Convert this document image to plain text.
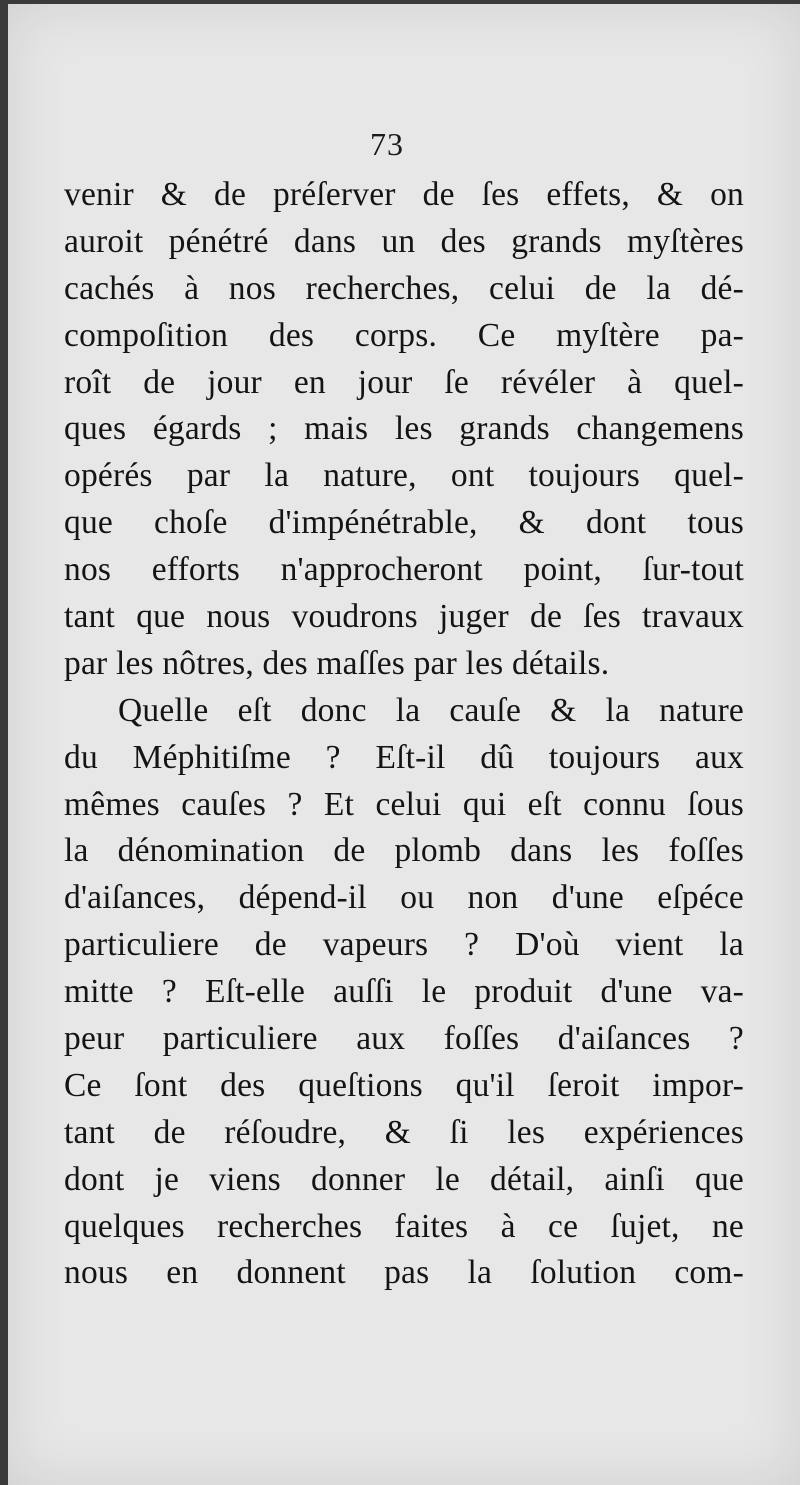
73
venir & de préſerver de ſes effets, & on
auroit pénétré dans un des grands myſtères
cachés à nos recherches, celui de la dé-
compoſition des corps. Ce myſtère pa-
roît de jour en jour ſe révéler à quel-
ques égards ; mais les grands changemens
opérés par la nature, ont toujours quel-
que choſe d'impénétrable, & dont tous
nos efforts n'approcheront point, ſur-tout
tant que nous voudrons juger de ſes travaux
par les nôtres, des maſſes par les détails.
Quelle eſt donc la cauſe & la nature
du Méphitiſme ? Eſt-il dû toujours aux
mêmes cauſes ? Et celui qui eſt connu ſous
la dénomination de plomb dans les foſſes
d'aiſances, dépend-il ou non d'une eſpéce
particuliere de vapeurs ? D'où vient la
mitte ? Eſt-elle auſſi le produit d'une va-
peur particuliere aux foſſes d'aiſances ?
Ce ſont des queſtions qu'il ſeroit impor-
tant de réſoudre, & ſi les expériences
dont je viens donner le détail, ainſi que
quelques recherches faites à ce ſujet, ne
nous en donnent pas la ſolution com-
